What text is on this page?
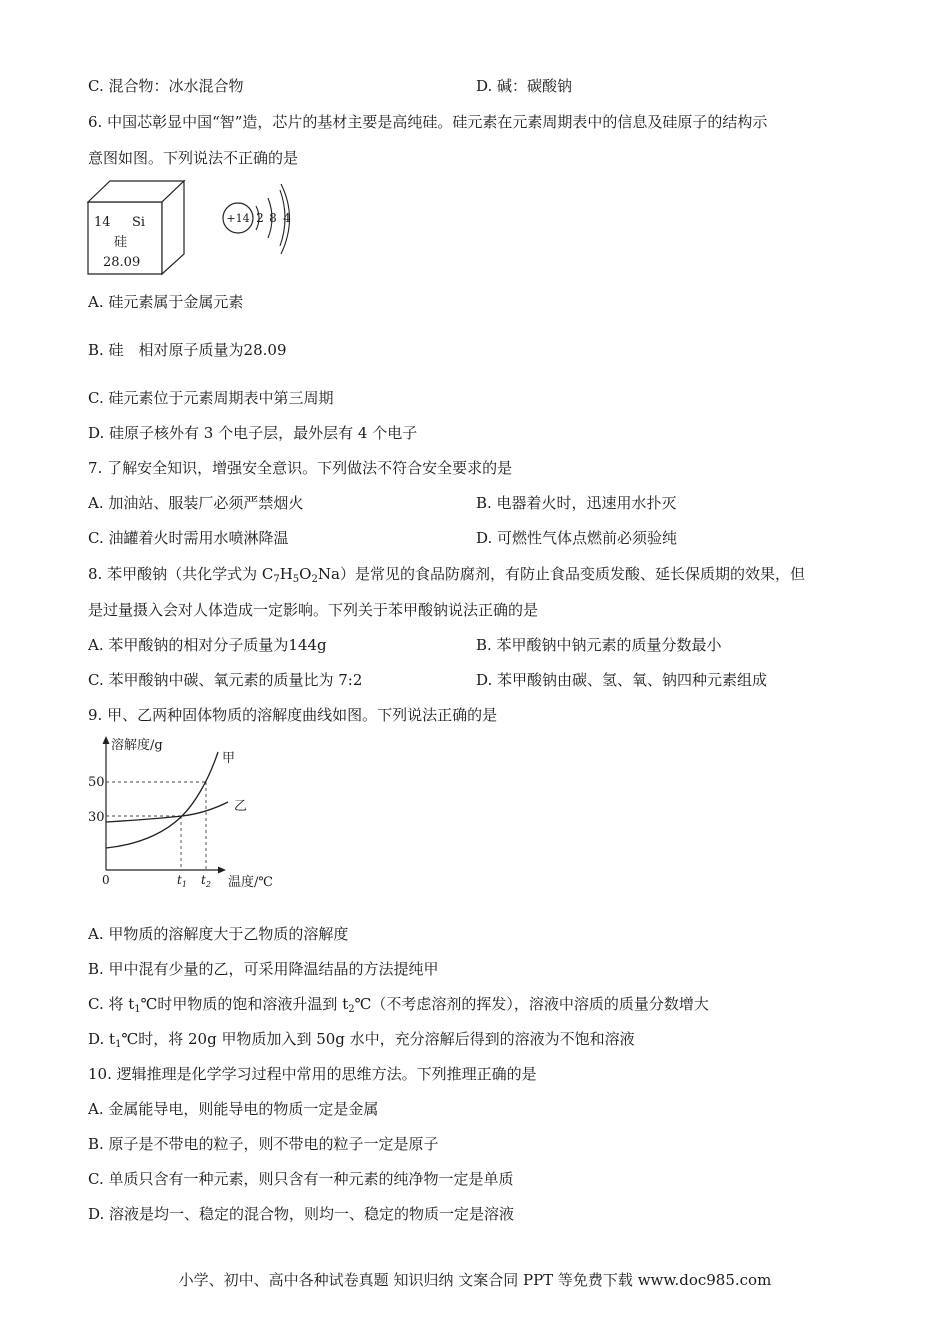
C. 混合物：冰水混合物	D. 碱：碳酸钠
6. 中国芯彰显中国“智”造，芯片的基材主要是高纯硅。硅元素在元素周期表中的信息及硅原子的结构示
意图如图。下列说法不正确的是
14 Si
硅
28.09
+14 2 8 4
A. 硅元素属于金属元素
B. 硅　相对原子质量为28.09
C. 硅元素位于元素周期表中第三周期
D. 硅原子核外有 3 个电子层，最外层有 4 个电子
7. 了解安全知识，增强安全意识。下列做法不符合安全要求的是
A. 加油站、服装厂必须严禁烟火	B. 电器着火时，迅速用水扑灭
C. 油罐着火时需用水喷淋降温	D. 可燃性气体点燃前必须验纯
8. 苯甲酸钠（共化学式为 $C_7H_5O_2Na$）是常见的食品防腐剂，有防止食品变质发酸、延长保质期的效果，但
是过量摄入会对人体造成一定影响。下列关于苯甲酸钠说法正确的是
A. 苯甲酸钠的相对分子质量为144g	B. 苯甲酸钠中钠元素的质量分数最小
C. 苯甲酸钠中碳、氧元素的质量比为 7:2	D. 苯甲酸钠由碳、氢、氧、钠四种元素组成
9. 甲、乙两种固体物质的溶解度曲线如图。下列说法正确的是
溶解度/g
温度/℃
0
50
30
$t_1$ $t_2$
甲
乙
A. 甲物质的溶解度大于乙物质的溶解度
B. 甲中混有少量的乙，可采用降温结晶的方法提纯甲
C. 将 $t_1℃$时甲物质的饱和溶液升温到 $t_2℃$（不考虑溶剂的挥发），溶液中溶质的质量分数增大
D. $t_1℃$时，将 20g 甲物质加入到 50g 水中，充分溶解后得到的溶液为不饱和溶液
10. 逻辑推理是化学学习过程中常用的思维方法。下列推理正确的是
A. 金属能导电，则能导电的物质一定是金属
B. 原子是不带电的粒子，则不带电的粒子一定是原子
C. 单质只含有一种元素，则只含有一种元素的纯净物一定是单质
D. 溶液是均一、稳定的混合物，则均一、稳定的物质一定是溶液
小学、初中、高中各种试卷真题 知识归纳 文案合同 PPT 等免费下载 www.doc985.com
